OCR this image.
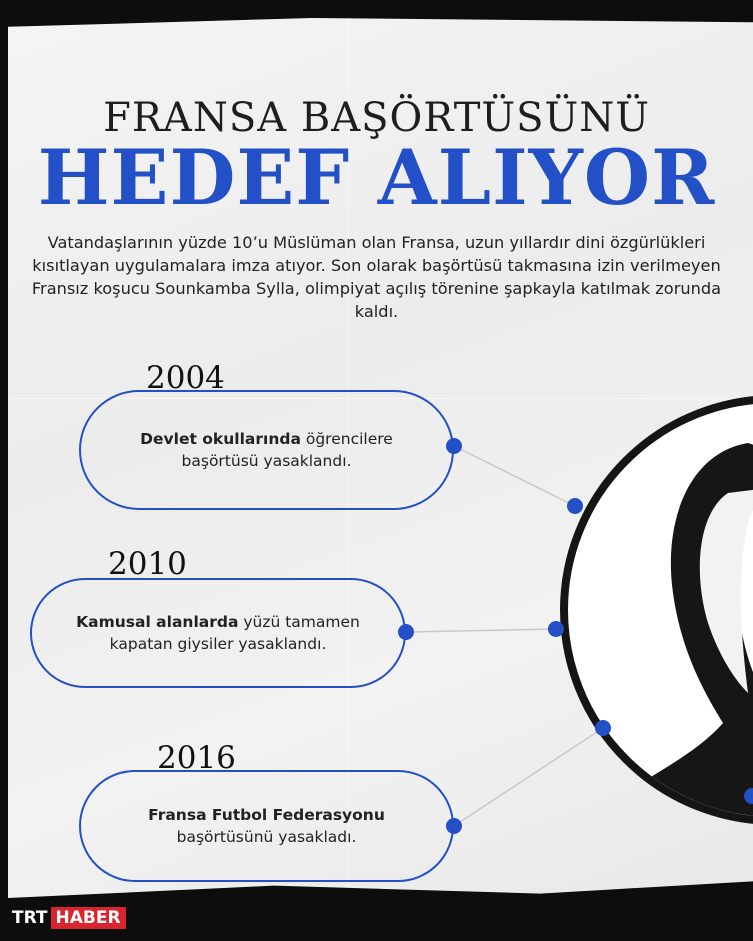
FRANSA BAŞÖRTÜSÜNÜ
HEDEF ALIYOR
Vatandaşlarının yüzde 10’u Müslüman olan Fransa, uzun yıllardır dini özgürlükleri kısıtlayan uygulamalara imza atıyor. Son olarak başörtüsü takmasına izin verilmeyen Fransız koşucu Sounkamba Sylla, olimpiyat açılış törenine şapkayla katılmak zorunda kaldı.
2004
Devlet okullarında öğrencilere başörtüsü yasaklandı.
2010
Kamusal alanlarda yüzü tamamen kapatan giysiler yasaklandı.
2016
Fransa Futbol Federasyonu başörtüsünü yasakladı.
TRT HABER
